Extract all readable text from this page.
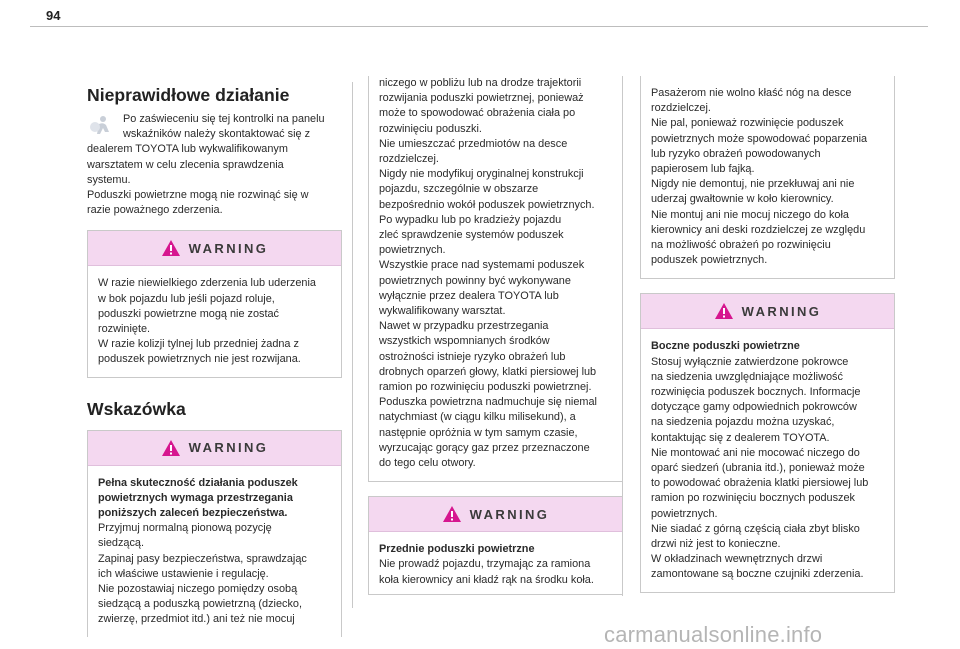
94
Nieprawidłowe działanie
Po zaświeceniu się tej kontrolki na panelu
wskaźników należy skontaktować się z
dealerem TOYOTA lub wykwalifikowanym
warsztatem w celu zlecenia sprawdzenia
systemu.
Poduszki powietrzne mogą nie rozwinąć się w
razie poważnego zderzenia.
WARNING
W razie niewielkiego zderzenia lub uderzenia
w bok pojazdu lub jeśli pojazd roluje,
poduszki powietrzne mogą nie zostać
rozwinięte.
W razie kolizji tylnej lub przedniej żadna z
poduszek powietrznych nie jest rozwijana.
Wskazówka
WARNING
Pełna skuteczność działania poduszek
powietrznych wymaga przestrzegania
poniższych zaleceń bezpieczeństwa.
Przyjmuj normalną pionową pozycję
siedzącą.
Zapinaj pasy bezpieczeństwa, sprawdzając
ich właściwe ustawienie i regulację.
Nie pozostawiaj niczego pomiędzy osobą
siedzącą a poduszką powietrzną (dziecko,
zwierzę, przedmiot itd.) ani też nie mocuj
niczego w pobliżu lub na drodze trajektorii
rozwijania poduszki powietrznej, ponieważ
może to spowodować obrażenia ciała po
rozwinięciu poduszki.
Nie umieszczać przedmiotów na desce
rozdzielczej.
Nigdy nie modyfikuj oryginalnej konstrukcji
pojazdu, szczególnie w obszarze
bezpośrednio wokół poduszek powietrznych.
Po wypadku lub po kradzieży pojazdu
zleć sprawdzenie systemów poduszek
powietrznych.
Wszystkie prace nad systemami poduszek
powietrznych powinny być wykonywane
wyłącznie przez dealera TOYOTA lub
wykwalifikowany warsztat.
Nawet w przypadku przestrzegania
wszystkich wspomnianych środków
ostrożności istnieje ryzyko obrażeń lub
drobnych oparzeń głowy, klatki piersiowej lub
ramion po rozwinięciu poduszki powietrznej.
Poduszka powietrzna nadmuchuje się niemal
natychmiast (w ciągu kilku milisekund), a
następnie opróżnia w tym samym czasie,
wyrzucając gorący gaz przez przeznaczone
do tego celu otwory.
WARNING
Przednie poduszki powietrzne
Nie prowadź pojazdu, trzymając za ramiona
koła kierownicy ani kładź rąk na środku koła.
Pasażerom nie wolno kłaść nóg na desce
rozdzielczej.
Nie pal, ponieważ rozwinięcie poduszek
powietrznych może spowodować poparzenia
lub ryzyko obrażeń powodowanych
papierosem lub fajką.
Nigdy nie demontuj, nie przekłuwaj ani nie
uderzaj gwałtownie w koło kierownicy.
Nie montuj ani nie mocuj niczego do koła
kierownicy ani deski rozdzielczej ze względu
na możliwość obrażeń po rozwinięciu
poduszek powietrznych.
WARNING
Boczne poduszki powietrzne
Stosuj wyłącznie zatwierdzone pokrowce
na siedzenia uwzględniające możliwość
rozwinięcia poduszek bocznych. Informacje
dotyczące gamy odpowiednich pokrowców
na siedzenia pojazdu można uzyskać,
kontaktując się z dealerem TOYOTA.
Nie montować ani nie mocować niczego do
oparć siedzeń (ubrania itd.), ponieważ może
to powodować obrażenia klatki piersiowej lub
ramion po rozwinięciu bocznych poduszek
powietrznych.
Nie siadać z górną częścią ciała zbyt blisko
drzwi niż jest to konieczne.
W okładzinach wewnętrznych drzwi
zamontowane są boczne czujniki zderzenia.
carmanualsonline.info
